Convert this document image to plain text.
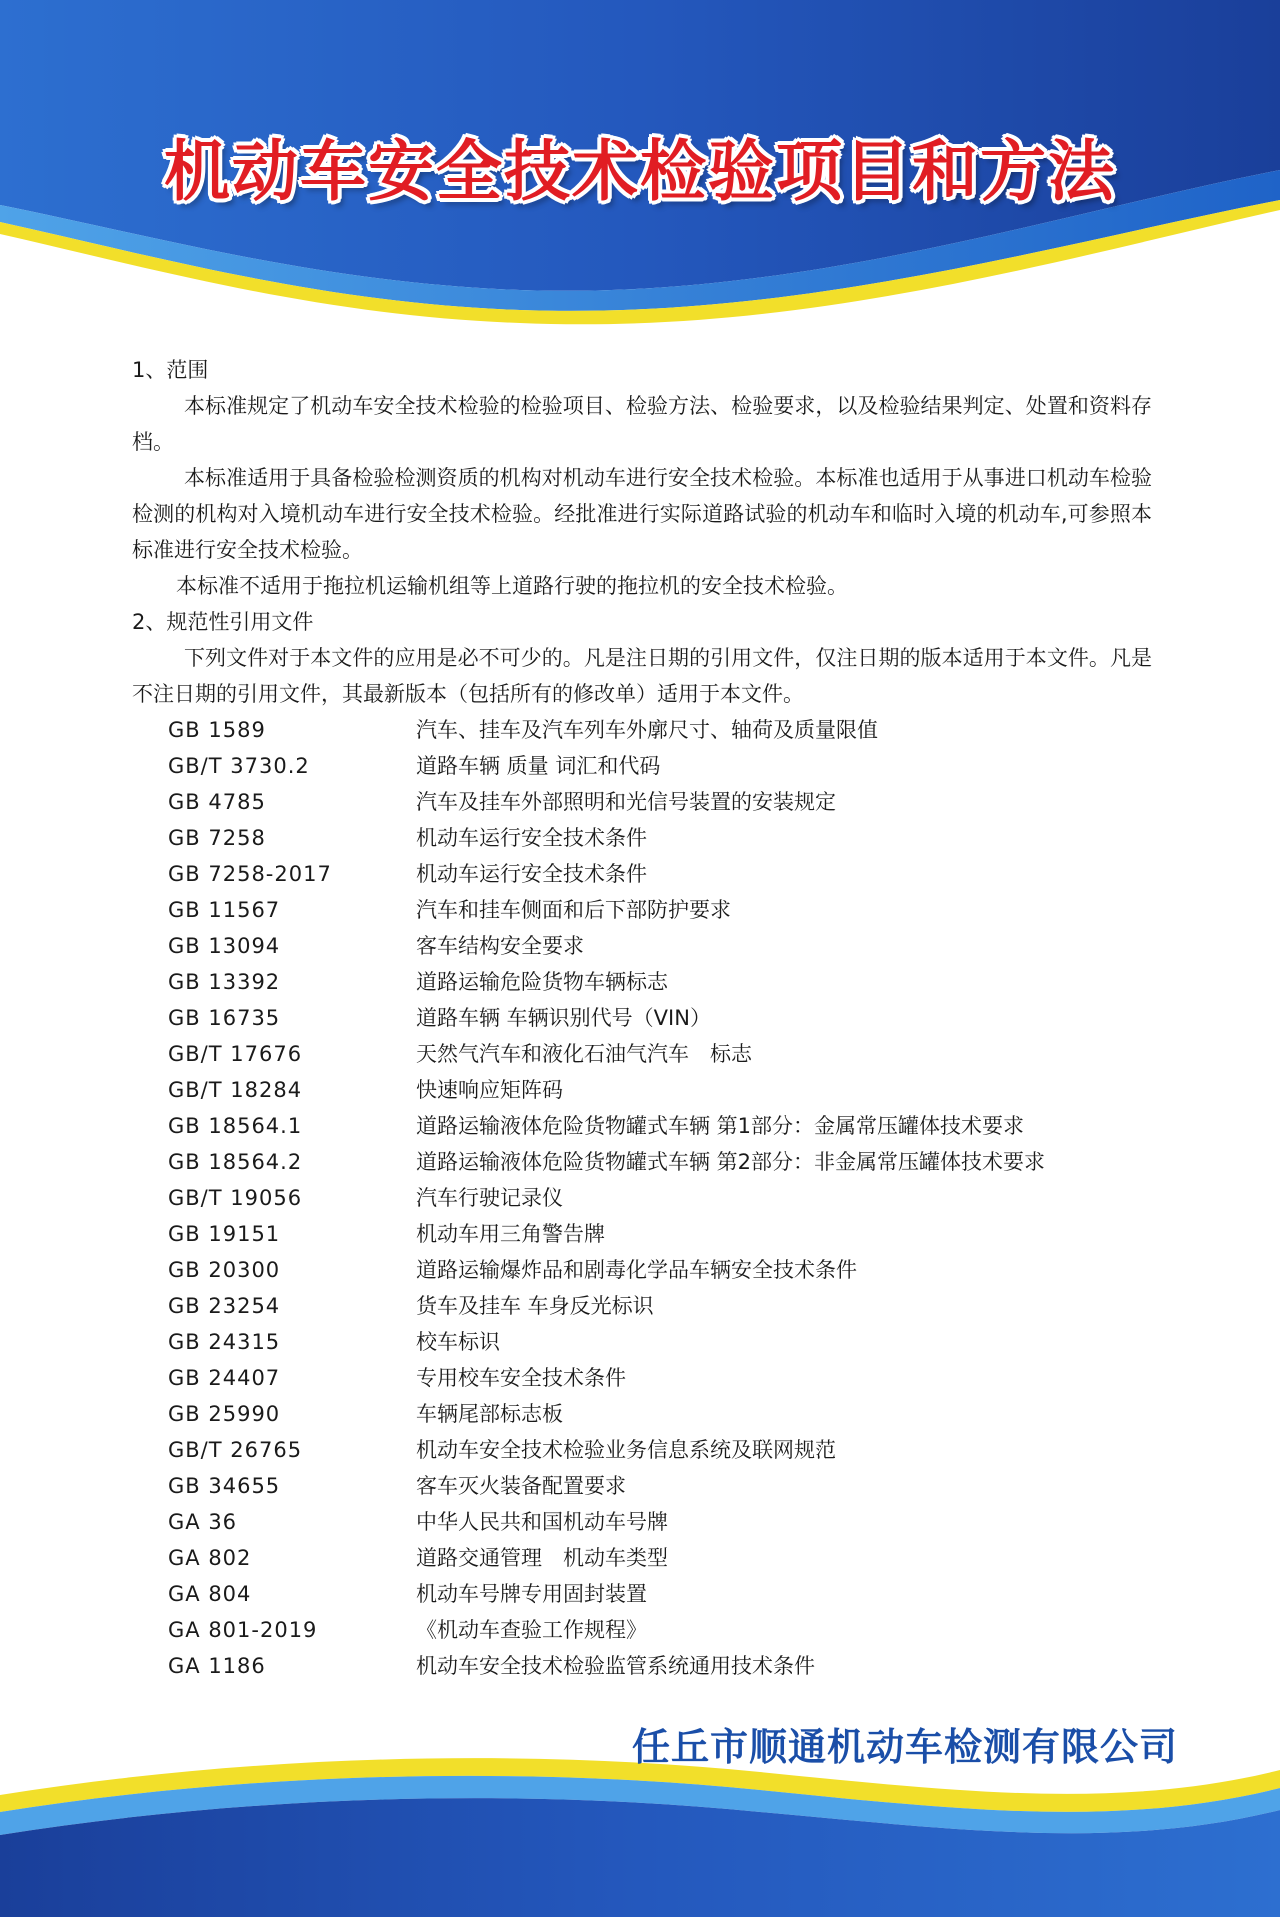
机动车安全技术检验项目和方法

1、范围

本标准规定了机动车安全技术检验的检验项目、检验方法、检验要求，以及检验结果判定、处置和资料存档。

本标准适用于具备检验检测资质的机构对机动车进行安全技术检验。本标准也适用于从事进口机动车检验检测的机构对入境机动车进行安全技术检验。经批准进行实际道路试验的机动车和临时入境的机动车,可参照本标准进行安全技术检验。

本标准不适用于拖拉机运输机组等上道路行驶的拖拉机的安全技术检验。

2、规范性引用文件

下列文件对于本文件的应用是必不可少的。凡是注日期的引用文件，仅注日期的版本适用于本文件。凡是不注日期的引用文件，其最新版本（包括所有的修改单）适用于本文件。

GB 1589	汽车、挂车及汽车列车外廓尺寸、轴荷及质量限值
GB/T 3730.2	道路车辆 质量 词汇和代码
GB 4785	汽车及挂车外部照明和光信号装置的安装规定
GB 7258	机动车运行安全技术条件
GB 7258-2017	机动车运行安全技术条件
GB 11567	汽车和挂车侧面和后下部防护要求
GB 13094	客车结构安全要求
GB 13392	道路运输危险货物车辆标志
GB 16735	道路车辆 车辆识别代号（VIN）
GB/T 17676	天然气汽车和液化石油气汽车　标志
GB/T 18284	快速响应矩阵码
GB 18564.1	道路运输液体危险货物罐式车辆 第1部分：金属常压罐体技术要求
GB 18564.2	道路运输液体危险货物罐式车辆 第2部分：非金属常压罐体技术要求
GB/T 19056	汽车行驶记录仪
GB 19151	机动车用三角警告牌
GB 20300	道路运输爆炸品和剧毒化学品车辆安全技术条件
GB 23254	货车及挂车 车身反光标识
GB 24315	校车标识
GB 24407	专用校车安全技术条件
GB 25990	车辆尾部标志板
GB/T 26765	机动车安全技术检验业务信息系统及联网规范
GB 34655	客车灭火装备配置要求
GA 36	中华人民共和国机动车号牌
GA 802	道路交通管理　机动车类型
GA 804	机动车号牌专用固封装置
GA 801-2019	《机动车查验工作规程》
GA 1186	机动车安全技术检验监管系统通用技术条件
任丘市顺通机动车检测有限公司
